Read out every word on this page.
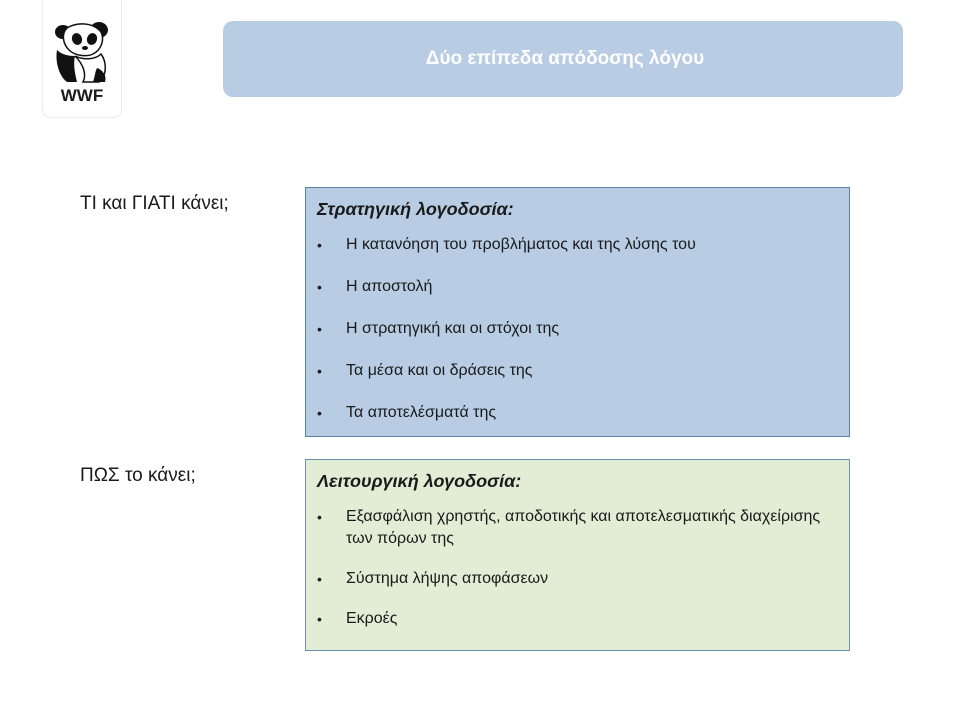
WWF
Δύο επίπεδα απόδοσης λόγου
ΤΙ και ΓΙΑΤΙ κάνει;
ΠΩΣ το κάνει;
Στρατηγική λογοδοσία:
• Η κατανόηση του προβλήματος και της λύσης του
• Η αποστολή
• Η στρατηγική και οι στόχοι της
• Τα μέσα και οι δράσεις της
• Τα αποτελέσματά της
Λειτουργική λογοδοσία:
• Εξασφάλιση χρηστής, αποδοτικής και αποτελεσματικής διαχείρισης των πόρων της
• Σύστημα λήψης αποφάσεων
• Εκροές
